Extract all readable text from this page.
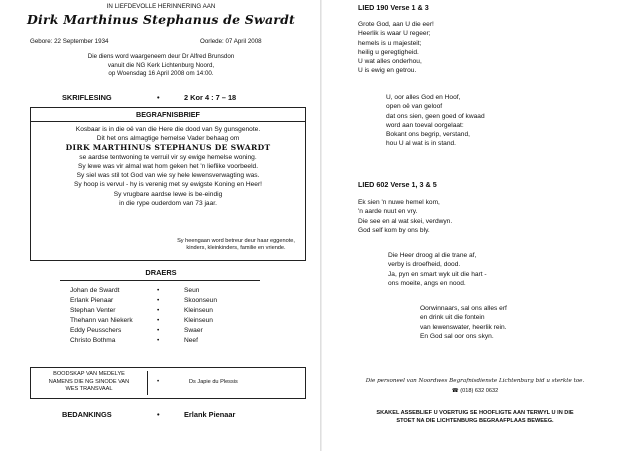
IN LIEFDEVOLLE HERINNERING AAN
Dirk Marthinus Stephanus de Swardt
Gebore: 22 September 1934	Oorlede: 07 April 2008
Die diens word waargeneem deur Dr Alfred Brunsdon
vanuit die NG Kerk Lichtenburg Noord,
op Woensdag 16 April 2008 om 14:00.
SKRIFLESING	•	2 Kor 4 : 7 – 18
BEGRAFNISBRIEF
Kosbaar is in die oë van die Here die dood van Sy gunsgenote.
Dit het ons almagtige hemelse Vader behaag om
DIRK MARTHINUS STEPHANUS DE SWARDT
se aardse tentwoning te verruil vir sy ewige hemelse woning.
Sy lewe was vir almal wat hom geken het 'n lieflike voorbeeld.
Sy siel was stil tot God van wie sy hele lewensverwagting was.
Sy hoop is vervul - hy is verenig met sy ewigste Koning en Heer!
Sy vrugbare aardse lewe is be-eindig
in die rype ouderdom van 73 jaar.
Sy heengaan word betreur deur haar eggenote,
kinders, kleinkinders, familie en vriende.
DRAERS
Johan de Swardt	•	Seun
Erlank Pienaar	•	Skoonseun
Stephan Venter	•	Kleinseun
Thehann van Niekerk	•	Kleinseun
Eddy Peusschers	•	Swaer
Christo Bothma	•	Neef
BOODSKAP VAN MEDELYE
NAMENS DIE NG SINODE VAN
WES TRANSVAAL
•	Ds Japie du Plessis
BEDANKINGS	•	Erlank Pienaar
LIED 190 Verse 1 & 3
Grote God, aan U die eer!
Heerlik is waar U regeer;
hemels is u majesteit;
heilig u geregtigheid.
U wat alles onderhou,
U is ewig en getrou.
U, oor alles God en Hoof,
open oë van geloof
dat ons sien, geen goed of kwaad
word aan toeval oorgelaat:
Bokant ons begrip, verstand,
hou U al wat is in stand.
LIED 602 Verse 1, 3 & 5
Ek sien 'n nuwe hemel kom,
'n aarde nuut en vry.
Die see en al wat skei, verdwyn.
God self kom by ons bly.
Die Heer droog al die trane af,
verby is droefheid, dood.
Ja, pyn en smart wyk uit die hart -
ons moeite, angs en nood.
Oorwinnaars, sal ons alles erf
en drink uit die fontein
van lewenswater, heerlik rein.
En God sal oor ons skyn.
Die personeel van Noordwes Begrafnisdienste Lichtenburg bid u sterkte toe.
☎ (018) 632 0632
SKAKEL ASSEBLIEF U VOERTUIG SE HOOFLIGTE AAN TERWYL U IN DIE
STOET NA DIE LICHTENBURG BEGRAAFPLAAS BEWEEG.
